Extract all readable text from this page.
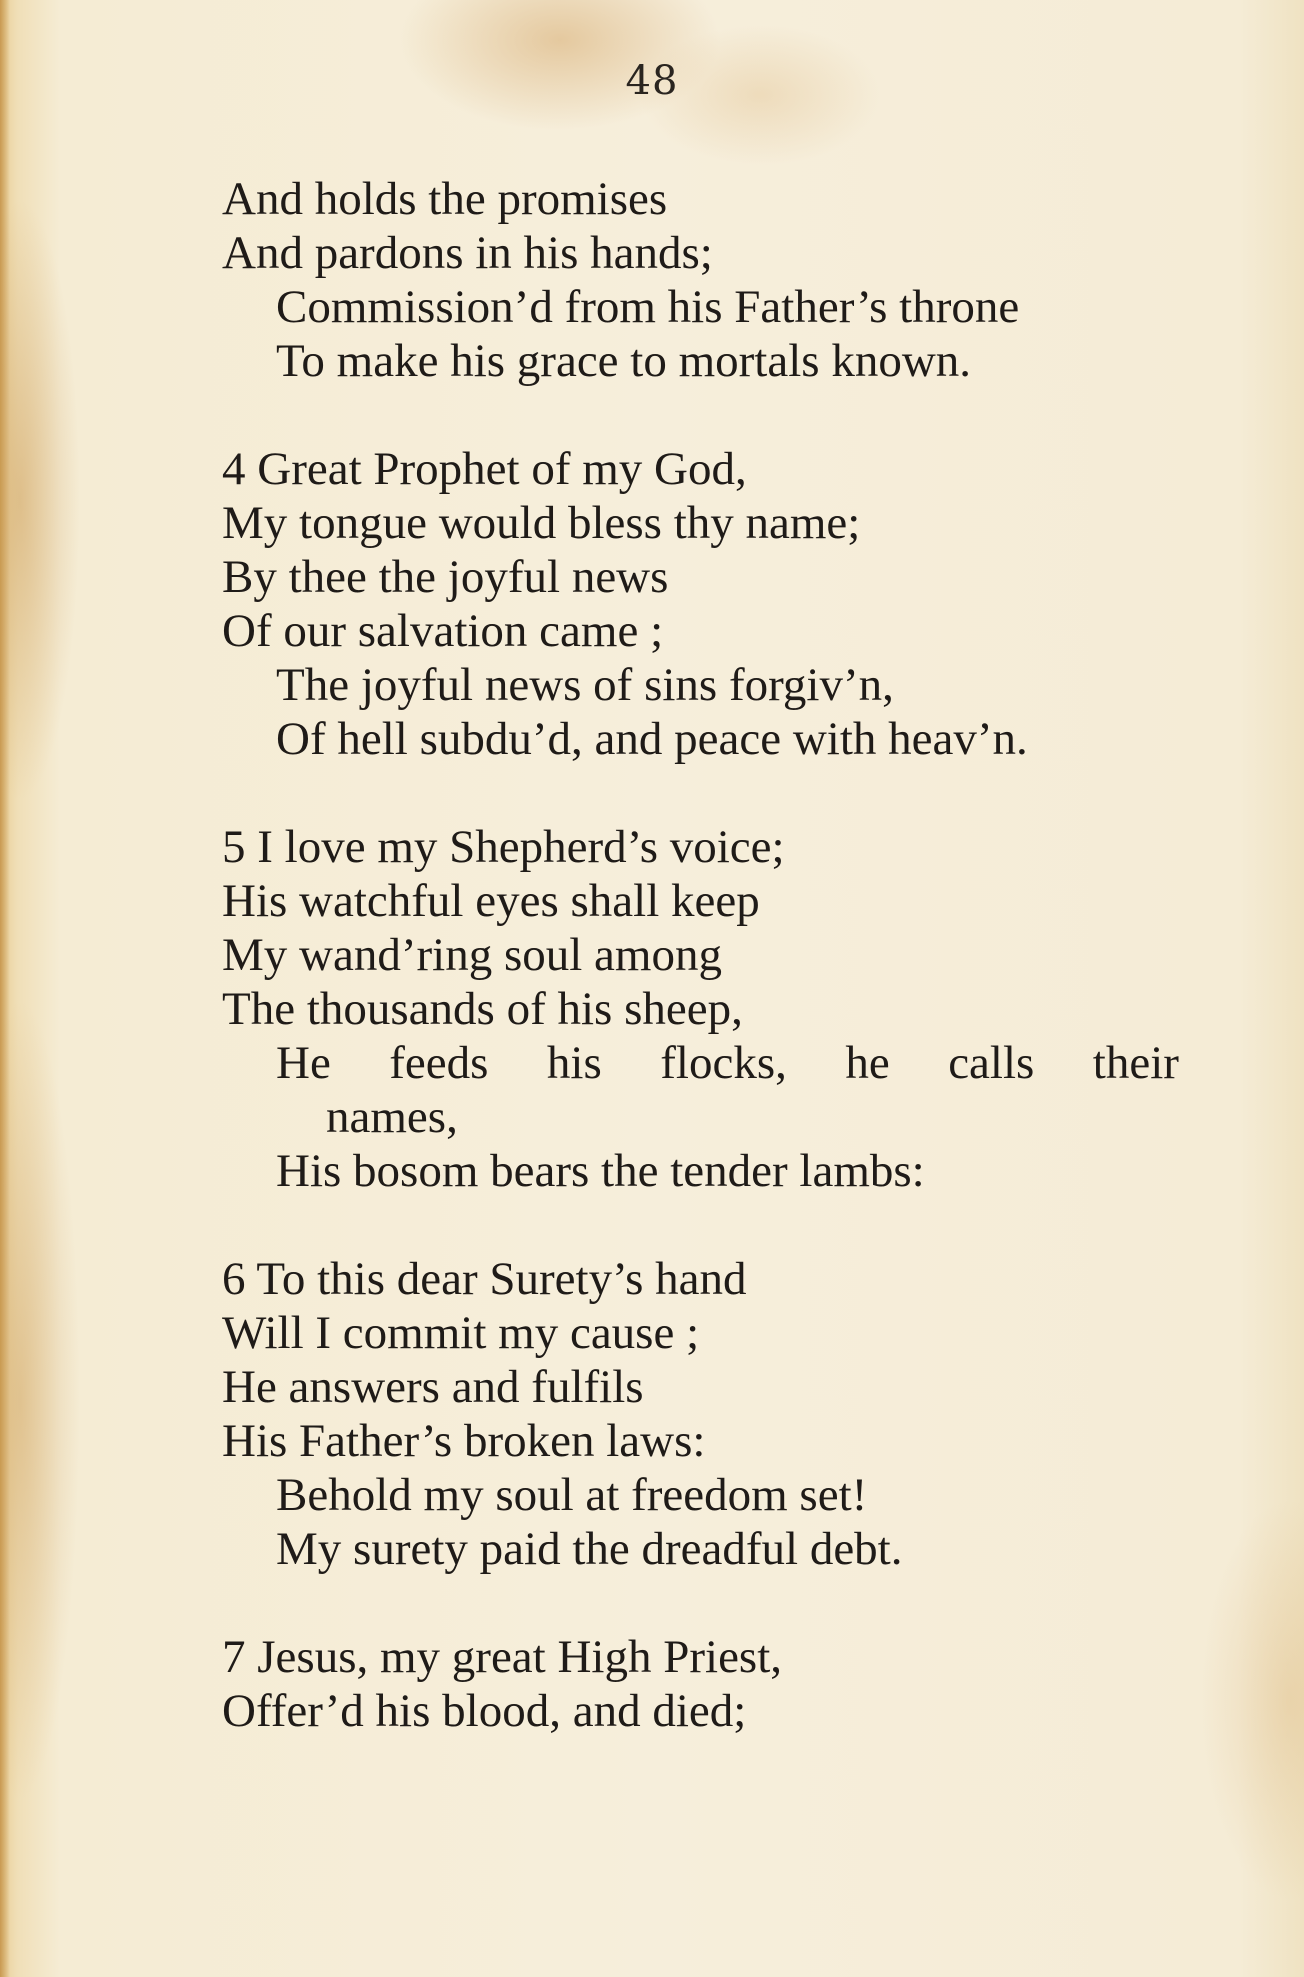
48
And holds the promises
And pardons in his hands;
Commission’d from his Father’s throne
To make his grace to mortals known.
4 Great Prophet of my God,
My tongue would bless thy name;
By thee the joyful news
Of our salvation came ;
The joyful news of sins forgiv’n,
Of hell subdu’d, and peace with heav’n.
5 I love my Shepherd’s voice;
His watchful eyes shall keep
My wand’ring soul among
The thousands of his sheep,
He feeds his flocks, he calls their
names,
His bosom bears the tender lambs:
6 To this dear Surety’s hand
Will I commit my cause ;
He answers and fulfils
His Father’s broken laws:
Behold my soul at freedom set!
My surety paid the dreadful debt.
7 Jesus, my great High Priest,
Offer’d his blood, and died;
